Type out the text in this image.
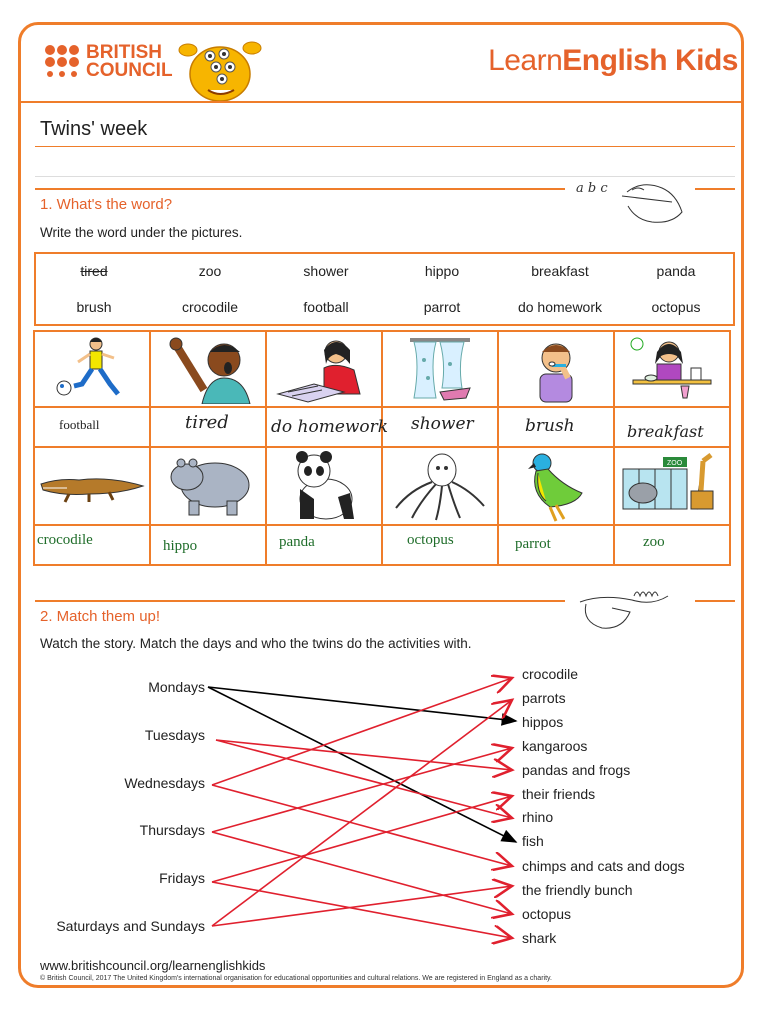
BRITISH
COUNCIL	LearnEnglish Kids
Twins' week
a b c
1. What's the word?
Write the word under the pictures.
tired	zoo	shower	hippo	breakfast	panda
brush	crocodile	football	parrot	do homework	octopus

football	tired	do homework	shower	brush	breakfast

ZOO

crocodile	hippo	panda	octopus	parrot	zoo
2. Match them up!
Watch the story. Match the days and who the twins do the activities with.
Mondays
Tuesdays
Wednesdays
Thursdays
Fridays
Saturdays and Sundays
crocodile
parrots
hippos
kangaroos
pandas and frogs
their friends
rhino
fish
chimps and cats and dogs
the friendly bunch
octopus
shark
www.britishcouncil.org/learnenglishkids
© British Council, 2017 The United Kingdom's international organisation for educational opportunities and cultural relations. We are registered in England as a charity.
